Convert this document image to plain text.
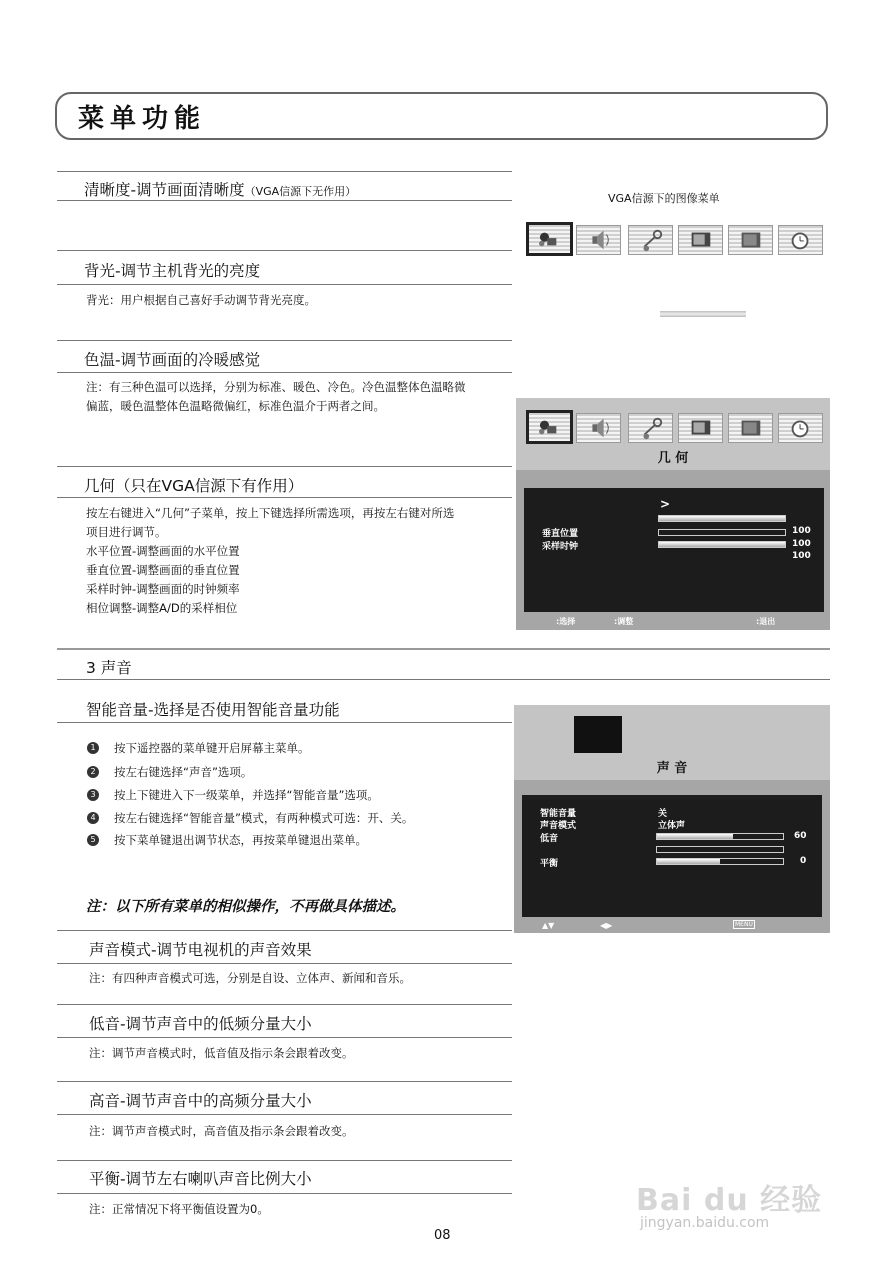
菜单功能
清晰度-调节画面清晰度（VGA信源下无作用）
背光-调节主机背光的亮度
背光：用户根据自己喜好手动调节背光亮度。
色温-调节画面的冷暖感觉
注：有三种色温可以选择，分别为标准、暖色、冷色。冷色温整体色温略微
偏蓝，暖色温整体色温略微偏红，标准色温介于两者之间。
几何（只在VGA信源下有作用）
按左右键进入“几何”子菜单，按上下键选择所需选项，再按左右键对所选
项目进行调节。
水平位置-调整画面的水平位置
垂直位置-调整画面的垂直位置
采样时钟-调整画面的时钟频率
相位调整-调整A/D的采样相位
3 声音
智能音量-选择是否使用智能音量功能
1	按下遥控器的菜单键开启屏幕主菜单。
2	按左右键选择“声音”选项。
3	按上下键进入下一级菜单，并选择“智能音量”选项。
4	按左右键选择“智能音量”模式，有两种模式可选：开、关。
5	按下菜单键退出调节状态，再按菜单键退出菜单。
注：以下所有菜单的相似操作，不再做具体描述。
声音模式-调节电视机的声音效果
注：有四种声音模式可选，分别是自设、立体声、新闻和音乐。
低音-调节声音中的低频分量大小
注：调节声音模式时，低音值及指示条会跟着改变。
高音-调节声音中的高频分量大小
注：调节声音模式时，高音值及指示条会跟着改变。
平衡-调节左右喇叭声音比例大小
注：正常情况下将平衡值设置为0。
08
VGA信源下的图像菜单
几 何
>
垂直位置	100
采样时钟	100
100
:选择	:调整	:退出
声 音
智能音量	关
声音模式	立体声
低音	60
平衡	0
▲▼	◀▶	MENU
Bai du 经验
jingyan.baidu.com
